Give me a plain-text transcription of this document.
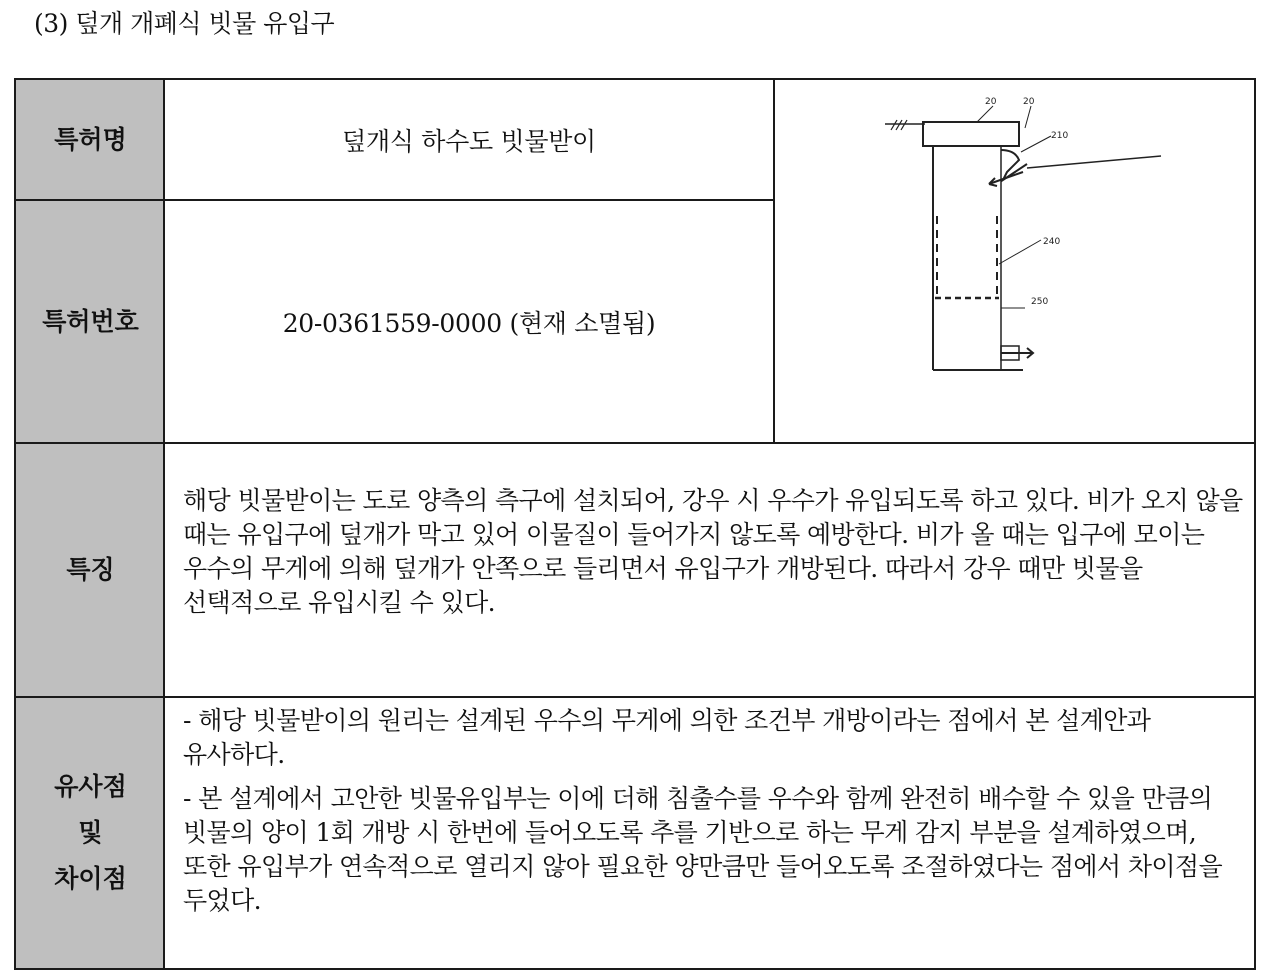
(3) 덮개 개폐식 빗물 유입구
특허명
특허번호
특징
유사점
및
차이점
덮개식 하수도 빗물받이
20-0361559-0000 (현재 소멸됨)
20	20
210
240
250

해당 빗물받이는 도로 양측의 측구에 설치되어, 강우 시 우수가 유입되도록 하고 있다. 비가 오지 않을 때는 유입구에 덮개가 막고 있어 이물질이 들어가지 않도록 예방한다. 비가 올 때는 입구에 모이는 우수의 무게에 의해 덮개가 안쪽으로 들리면서 유입구가 개방된다. 따라서 강우 때만 빗물을 선택적으로 유입시킬 수 있다.

- 해당 빗물받이의 원리는 설계된 우수의 무게에 의한 조건부 개방이라는 점에서 본 설계안과 유사하다.

- 본 설계에서 고안한 빗물유입부는 이에 더해 침출수를 우수와 함께 완전히 배수할 수 있을 만큼의 빗물의 양이 1회 개방 시 한번에 들어오도록 추를 기반으로 하는 무게 감지 부분을 설계하였으며, 또한 유입부가 연속적으로 열리지 않아 필요한 양만큼만 들어오도록 조절하였다는 점에서 차이점을 두었다.
